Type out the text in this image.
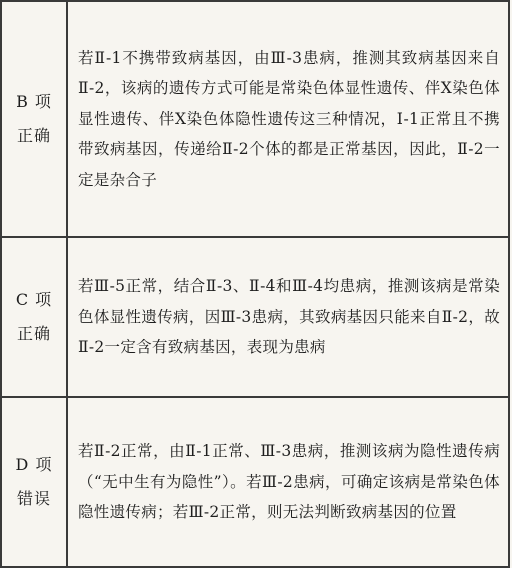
B 项
正确	若Ⅱ-1不携带致病基因，由Ⅲ-3患病，推测其致病基因来自Ⅱ-2，该病的遗传方式可能是常染色体显性遗传、伴X染色体显性遗传、伴X染色体隐性遗传这三种情况，Ⅰ-1正常且不携带致病基因，传递给Ⅱ-2个体的都是正常基因，因此，Ⅱ-2一定是杂合子

C 项
正确	若Ⅲ-5正常，结合Ⅱ-3、Ⅱ-4和Ⅲ-4均患病，推测该病是常染色体显性遗传病，因Ⅲ-3患病，其致病基因只能来自Ⅱ-2，故Ⅱ-2一定含有致病基因，表现为患病

D 项
错误	若Ⅱ-2正常，由Ⅱ-1正常、Ⅲ-3患病，推测该病为隐性遗传病（“无中生有为隐性”）。若Ⅲ-2患病，可确定该病是常染色体隐性遗传病；若Ⅲ-2正常，则无法判断致病基因的位置
